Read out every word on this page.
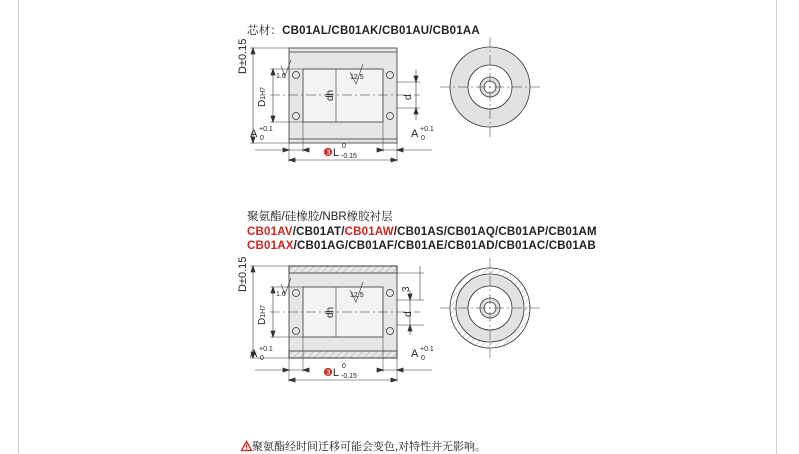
芯材：CB01AL/CB01AK/CB01AU/CB01AA
D±0.15
D1H7
1.6	12.5
dh	d
A +0.1
0	A +0.1
0
❸L
0
-0.15
聚氨酯/硅橡胶/NBR橡胶衬层
CB01AV/CB01AT/CB01AW/CB01AS/CB01AQ/CB01AP/CB01AM
CB01AX/CB01AG/CB01AF/CB01AE/CB01AD/CB01AC/CB01AB
D±0.15
D1H7
1.6	12.5
dh	d
3
A +0.1
0	A +0.1
0
❸L
0
-0.15
聚氨酯经时间迁移可能会变色,对特性并无影响。
